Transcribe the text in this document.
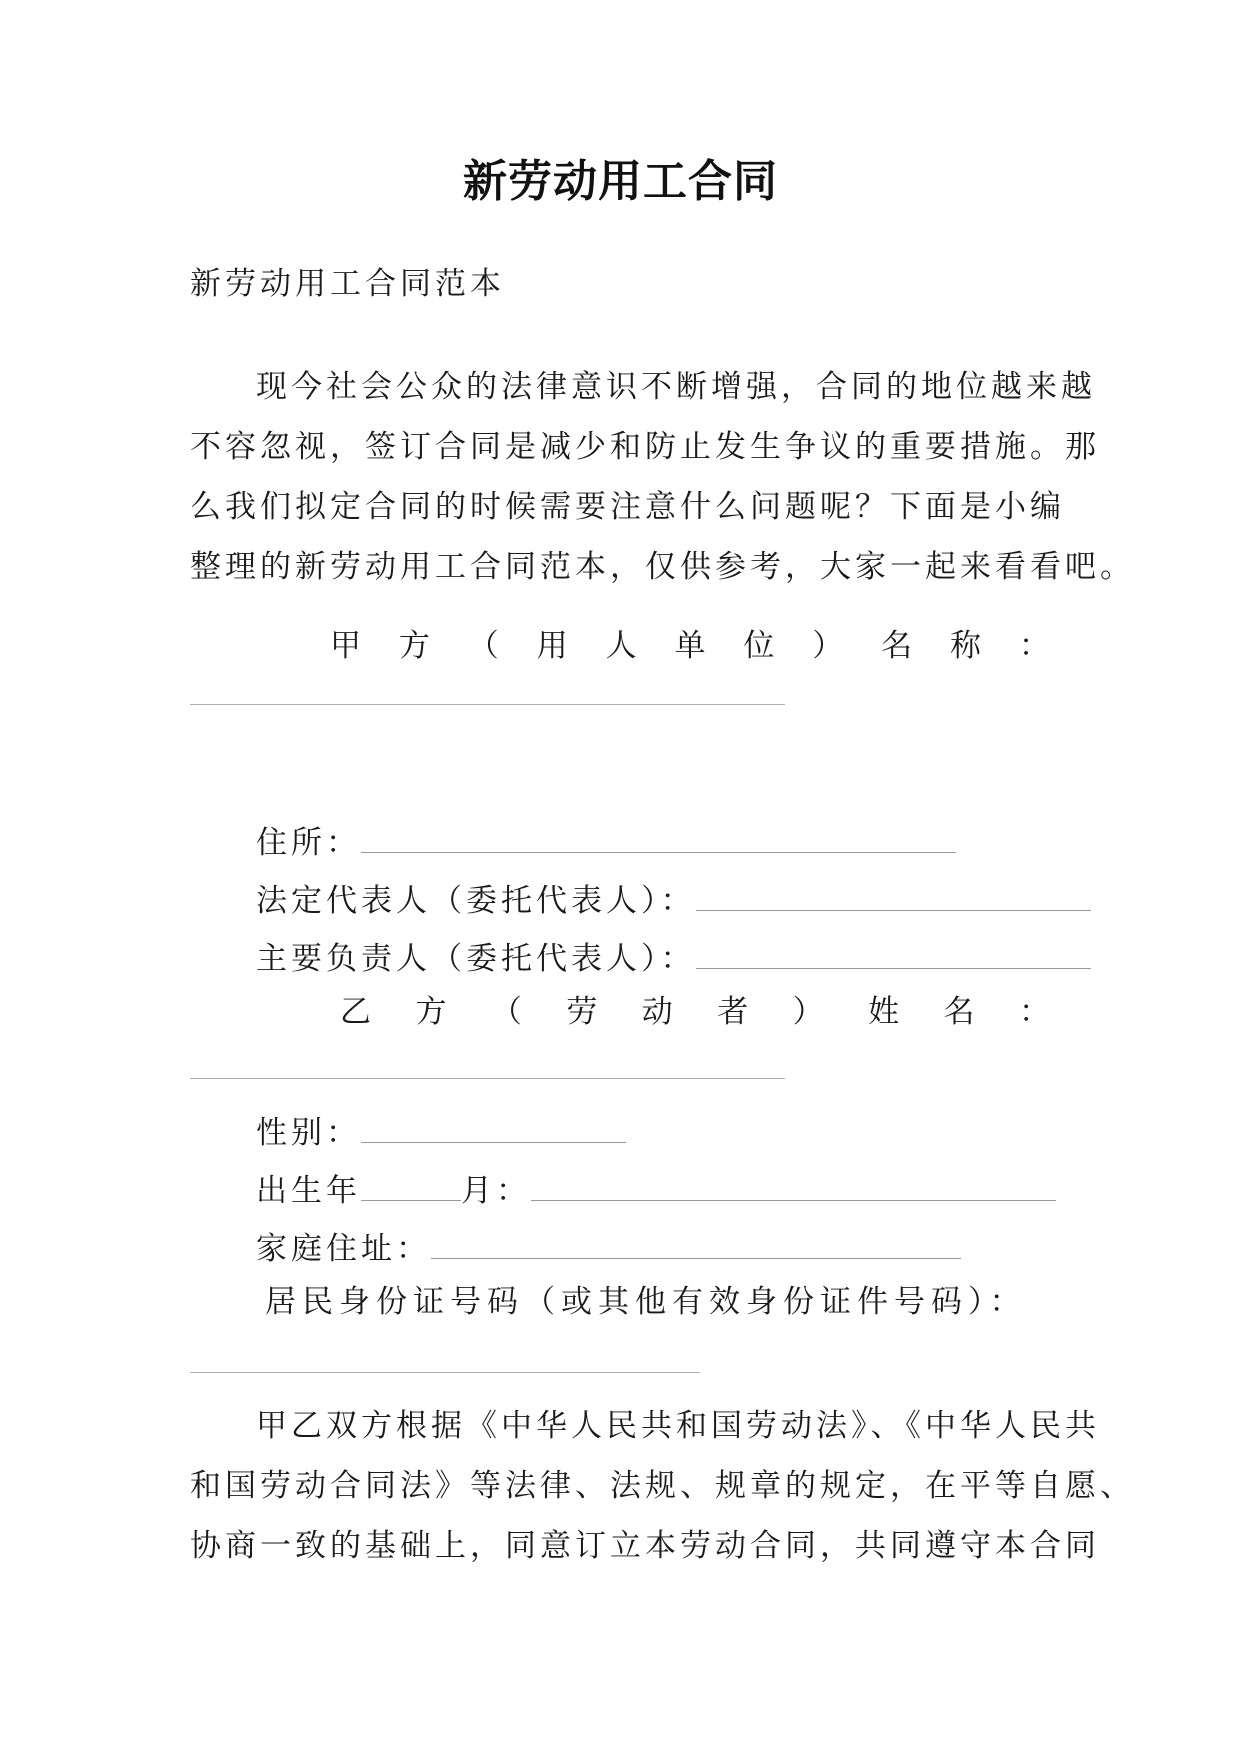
新劳动用工合同
新劳动用工合同范本
现今社会公众的法律意识不断增强，合同的地位越来越
不容忽视，签订合同是减少和防止发生争议的重要措施。那
么我们拟定合同的时候需要注意什么问题呢？下面是小编
整理的新劳动用工合同范本，仅供参考，大家一起来看看吧。
甲 方 （ 用 人 单 位 ） 名 称 ：
住所：
法定代表人（委托代表人）：
主要负责人（委托代表人）：
乙 方 （ 劳 动 者 ） 姓 名 ：
性别：
出生年	月：
家庭住址：
居民身份证号码（或其他有效身份证件号码）：
甲乙双方根据《中华人民共和国劳动法》、《中华人民共
和国劳动合同法》等法律、法规、规章的规定，在平等自愿、
协商一致的基础上，同意订立本劳动合同，共同遵守本合同
